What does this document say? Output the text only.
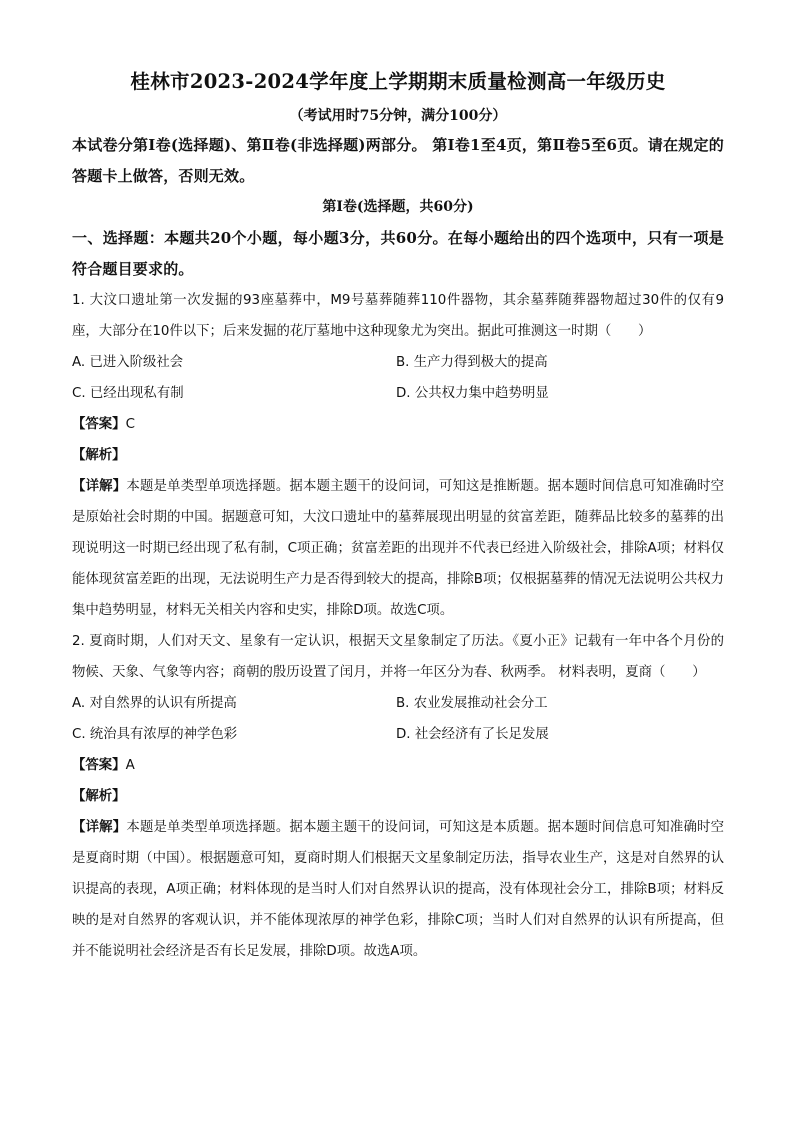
桂林市2023-2024学年度上学期期末质量检测高一年级历史
（考试用时75分钟，满分100分）
本试卷分第Ⅰ卷(选择题)、第Ⅱ卷(非选择题)两部分。 第Ⅰ卷1至4页，第Ⅱ卷5至6页。请在规定的答题卡上做答，否则无效。
第Ⅰ卷(选择题，共60分)
一、选择题：本题共20个小题，每小题3分，共60分。在每小题给出的四个选项中，只有一项是符合题目要求的。
1. 大汶口遗址第一次发掘的93座墓葬中，M9号墓葬随葬110件器物，其余墓葬随葬器物超过30件的仅有9座，大部分在10件以下；后来发掘的花厅墓地中这种现象尤为突出。据此可推测这一时期（　　）
A. 已进入阶级社会	B. 生产力得到极大的提高
C. 已经出现私有制	D. 公共权力集中趋势明显
【答案】C
【解析】
【详解】本题是单类型单项选择题。据本题主题干的设问词，可知这是推断题。据本题时间信息可知准确时空是原始社会时期的中国。据题意可知，大汶口遗址中的墓葬展现出明显的贫富差距，随葬品比较多的墓葬的出现说明这一时期已经出现了私有制，C项正确；贫富差距的出现并不代表已经进入阶级社会，排除A项；材料仅能体现贫富差距的出现，无法说明生产力是否得到较大的提高，排除B项；仅根据墓葬的情况无法说明公共权力集中趋势明显，材料无关相关内容和史实，排除D项。故选C项。
2. 夏商时期，人们对天文、星象有一定认识，根据天文星象制定了历法。《夏小正》记载有一年中各个月份的物候、天象、气象等内容；商朝的殷历设置了闰月，并将一年区分为春、秋两季。 材料表明，夏商（　　）
A. 对自然界的认识有所提高	B. 农业发展推动社会分工
C. 统治具有浓厚的神学色彩	D. 社会经济有了长足发展
【答案】A
【解析】
【详解】本题是单类型单项选择题。据本题主题干的设问词，可知这是本质题。据本题时间信息可知准确时空是夏商时期（中国）。根据题意可知，夏商时期人们根据天文星象制定历法，指导农业生产，这是对自然界的认识提高的表现，A项正确；材料体现的是当时人们对自然界认识的提高，没有体现社会分工，排除B项；材料反映的是对自然界的客观认识，并不能体现浓厚的神学色彩，排除C项；当时人们对自然界的认识有所提高，但并不能说明社会经济是否有长足发展，排除D项。故选A项。
